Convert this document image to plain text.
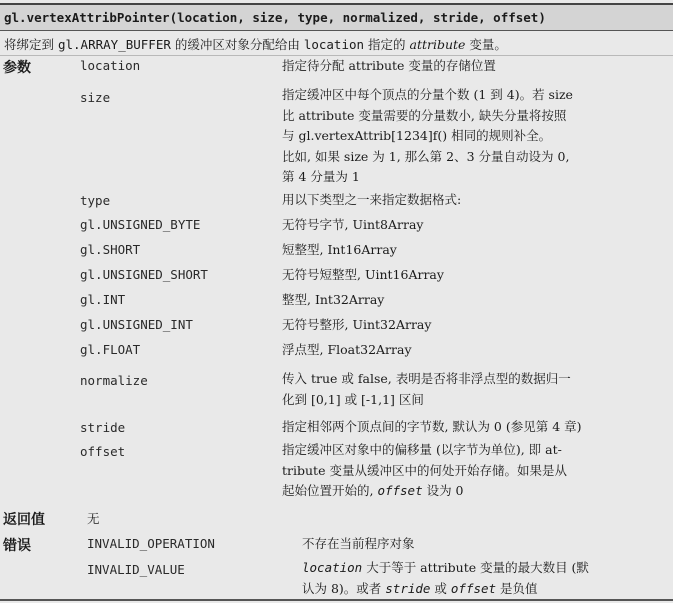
gl.vertexAttribPointer(location, size, type, normalized, stride, offset)
将绑定到 gl.ARRAY_BUFFER 的缓冲区对象分配给由 location 指定的 attribute 变量。
参数	location	指定待分配 attribute 变量的存储位置
size	指定缓冲区中每个顶点的分量个数 (1 到 4)。若 size
比 attribute 变量需要的分量数小, 缺失分量将按照
与 gl.vertexAttrib[1234]f() 相同的规则补全。
比如, 如果 size 为 1, 那么第 2、3 分量自动设为 0,
第 4 分量为 1
type	用以下类型之一来指定数据格式:
gl.UNSIGNED_BYTE	无符号字节, Uint8Array
gl.SHORT	短整型, Int16Array
gl.UNSIGNED_SHORT	无符号短整型, Uint16Array
gl.INT	整型, Int32Array
gl.UNSIGNED_INT	无符号整形, Uint32Array
gl.FLOAT	浮点型, Float32Array
normalize	传入 true 或 false, 表明是否将非浮点型的数据归一
化到 [0,1] 或 [-1,1] 区间
stride	指定相邻两个顶点间的字节数, 默认为 0 (参见第 4 章)
offset	指定缓冲区对象中的偏移量 (以字节为单位), 即 at-
tribute 变量从缓冲区中的何处开始存储。如果是从
起始位置开始的, offset 设为 0
返回值	无
错误	INVALID_OPERATION	不存在当前程序对象
INVALID_VALUE	location 大于等于 attribute 变量的最大数目 (默
认为 8)。或者 stride 或 offset 是负值
